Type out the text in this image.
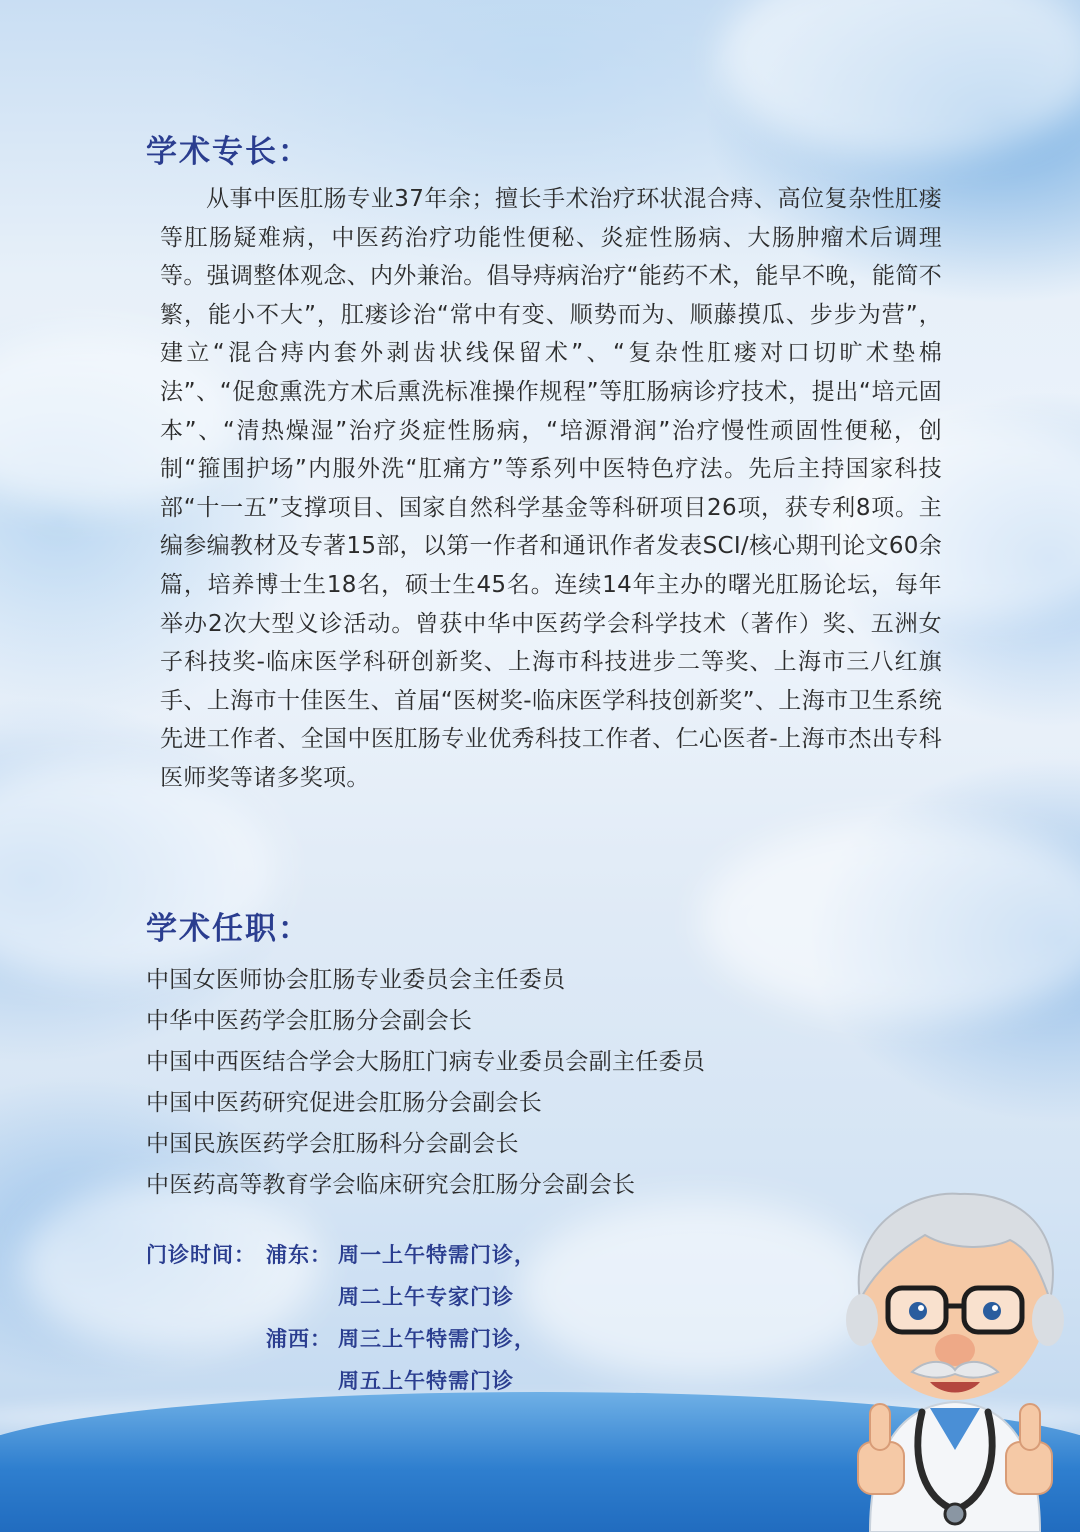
学术专长：

从事中医肛肠专业37年余；擅长手术治疗环状混合痔、高位复杂性肛瘘等肛肠疑难病，中医药治疗功能性便秘、炎症性肠病、大肠肿瘤术后调理等。强调整体观念、内外兼治。倡导痔病治疗“能药不术，能早不晚，能简不繁，能小不大”，肛瘘诊治“常中有变、顺势而为、顺藤摸瓜、步步为营”，建立“混合痔内套外剥齿状线保留术”、“复杂性肛瘘对口切旷术垫棉法”、“促愈熏洗方术后熏洗标准操作规程”等肛肠病诊疗技术，提出“培元固本”、“清热燥湿”治疗炎症性肠病，“培源滑润”治疗慢性顽固性便秘，创制“箍围护场”内服外洗“肛痛方”等系列中医特色疗法。先后主持国家科技部“十一五”支撑项目、国家自然科学基金等科研项目26项，获专利8项。主编参编教材及专著15部，以第一作者和通讯作者发表SCI/核心期刊论文60余篇，培养博士生18名，硕士生45名。连续14年主办的曙光肛肠论坛，每年举办2次大型义诊活动。曾获中华中医药学会科学技术（著作）奖、五洲女子科技奖-临床医学科研创新奖、上海市科技进步二等奖、上海市三八红旗手、上海市十佳医生、首届“医树奖-临床医学科技创新奖”、上海市卫生系统先进工作者、全国中医肛肠专业优秀科技工作者、仁心医者-上海市杰出专科医师奖等诸多奖项。

学术任职：
中国女医师协会肛肠专业委员会主任委员
中华中医药学会肛肠分会副会长
中国中西医结合学会大肠肛门病专业委员会副主任委员
中国中医药研究促进会肛肠分会副会长
中国民族医药学会肛肠科分会副会长
中医药高等教育学会临床研究会肛肠分会副会长
门诊时间： 浦东： 周一上午特需门诊，
周二上午专家门诊
浦西： 周三上午特需门诊，
周五上午特需门诊
